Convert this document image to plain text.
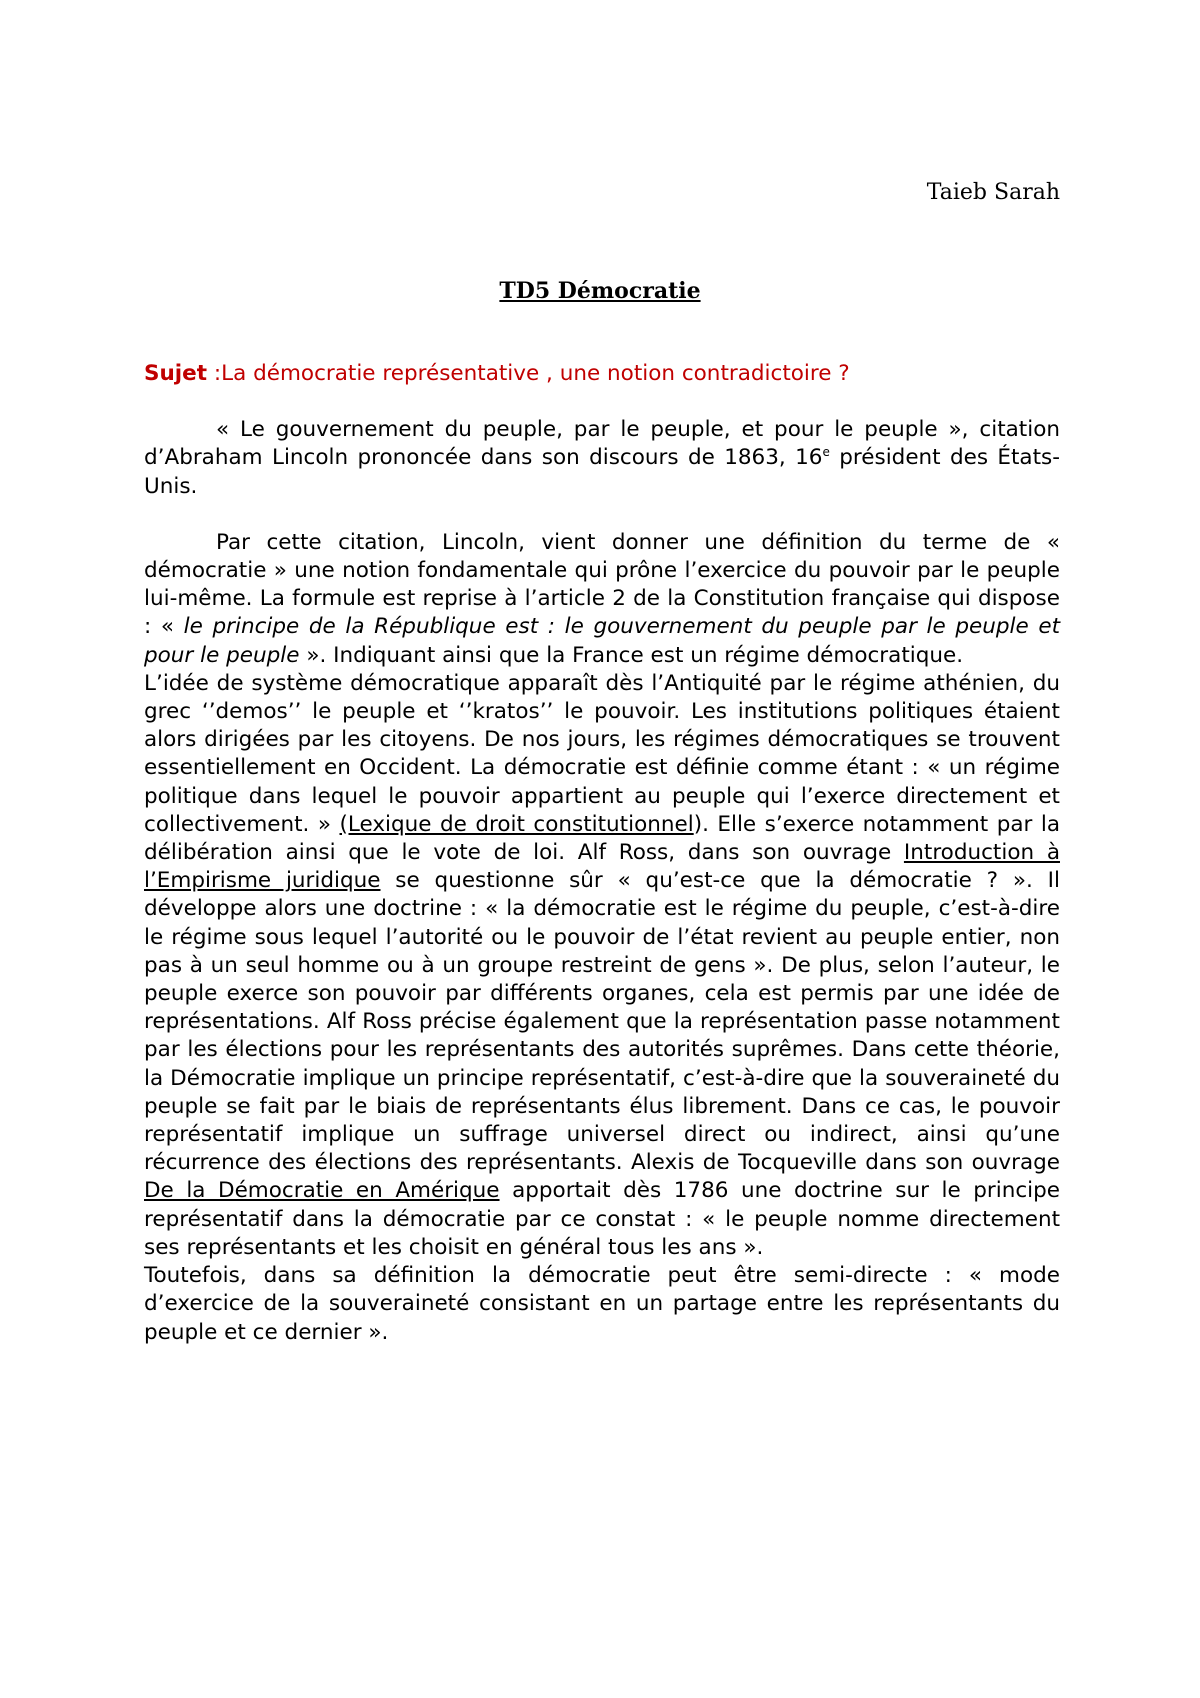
Taieb Sarah
TD5 Démocratie

Sujet :La démocratie représentative , une notion contradictoire ?

« Le gouvernement du peuple, par le peuple, et pour le peuple », citation d’Abraham Lincoln prononcée dans son discours de 1863, 16e président des États-Unis.

Par cette citation, Lincoln, vient donner une définition du terme de « démocratie » une notion fondamentale qui prône l’exercice du pouvoir par le peuple lui-même. La formule est reprise à l’article 2 de la Constitution française qui dispose : « le principe de la République est : le gouvernement du peuple par le peuple et pour le peuple ». Indiquant ainsi que la France est un régime démocratique.

L’idée de système démocratique apparaît dès l’Antiquité par le régime athénien, du grec ‘’demos’’ le peuple et ‘’kratos’’ le pouvoir. Les institutions politiques étaient alors dirigées par les citoyens. De nos jours, les régimes démocratiques se trouvent essentiellement en Occident. La démocratie est définie comme étant : « un régime politique dans lequel le pouvoir appartient au peuple qui l’exerce directement et collectivement. » (Lexique de droit constitutionnel). Elle s’exerce notamment par la délibération ainsi que le vote de loi. Alf Ross, dans son ouvrage Introduction à l’Empirisme juridique se questionne sûr « qu’est-ce que la démocratie ? ». Il développe alors une doctrine : « la démocratie est le régime du peuple, c’est-à-dire le régime sous lequel l’autorité ou le pouvoir de l’état revient au peuple entier, non pas à un seul homme ou à un groupe restreint de gens ». De plus, selon l’auteur, le peuple exerce son pouvoir par différents organes, cela est permis par une idée de représentations. Alf Ross précise également que la représentation passe notamment par les élections pour les représentants des autorités suprêmes. Dans cette théorie, la Démocratie implique un principe représentatif, c’est-à-dire que la souveraineté du peuple se fait par le biais de représentants élus librement. Dans ce cas, le pouvoir représentatif implique un suffrage universel direct ou indirect, ainsi qu’une récurrence des élections des représentants. Alexis de Tocqueville dans son ouvrage De la Démocratie en Amérique apportait dès 1786 une doctrine sur le principe représentatif dans la démocratie par ce constat : « le peuple nomme directement ses représentants et les choisit en général tous les ans ».

Toutefois, dans sa définition la démocratie peut être semi-directe : « mode d’exercice de la souveraineté consistant en un partage entre les représentants du peuple et ce dernier ».
